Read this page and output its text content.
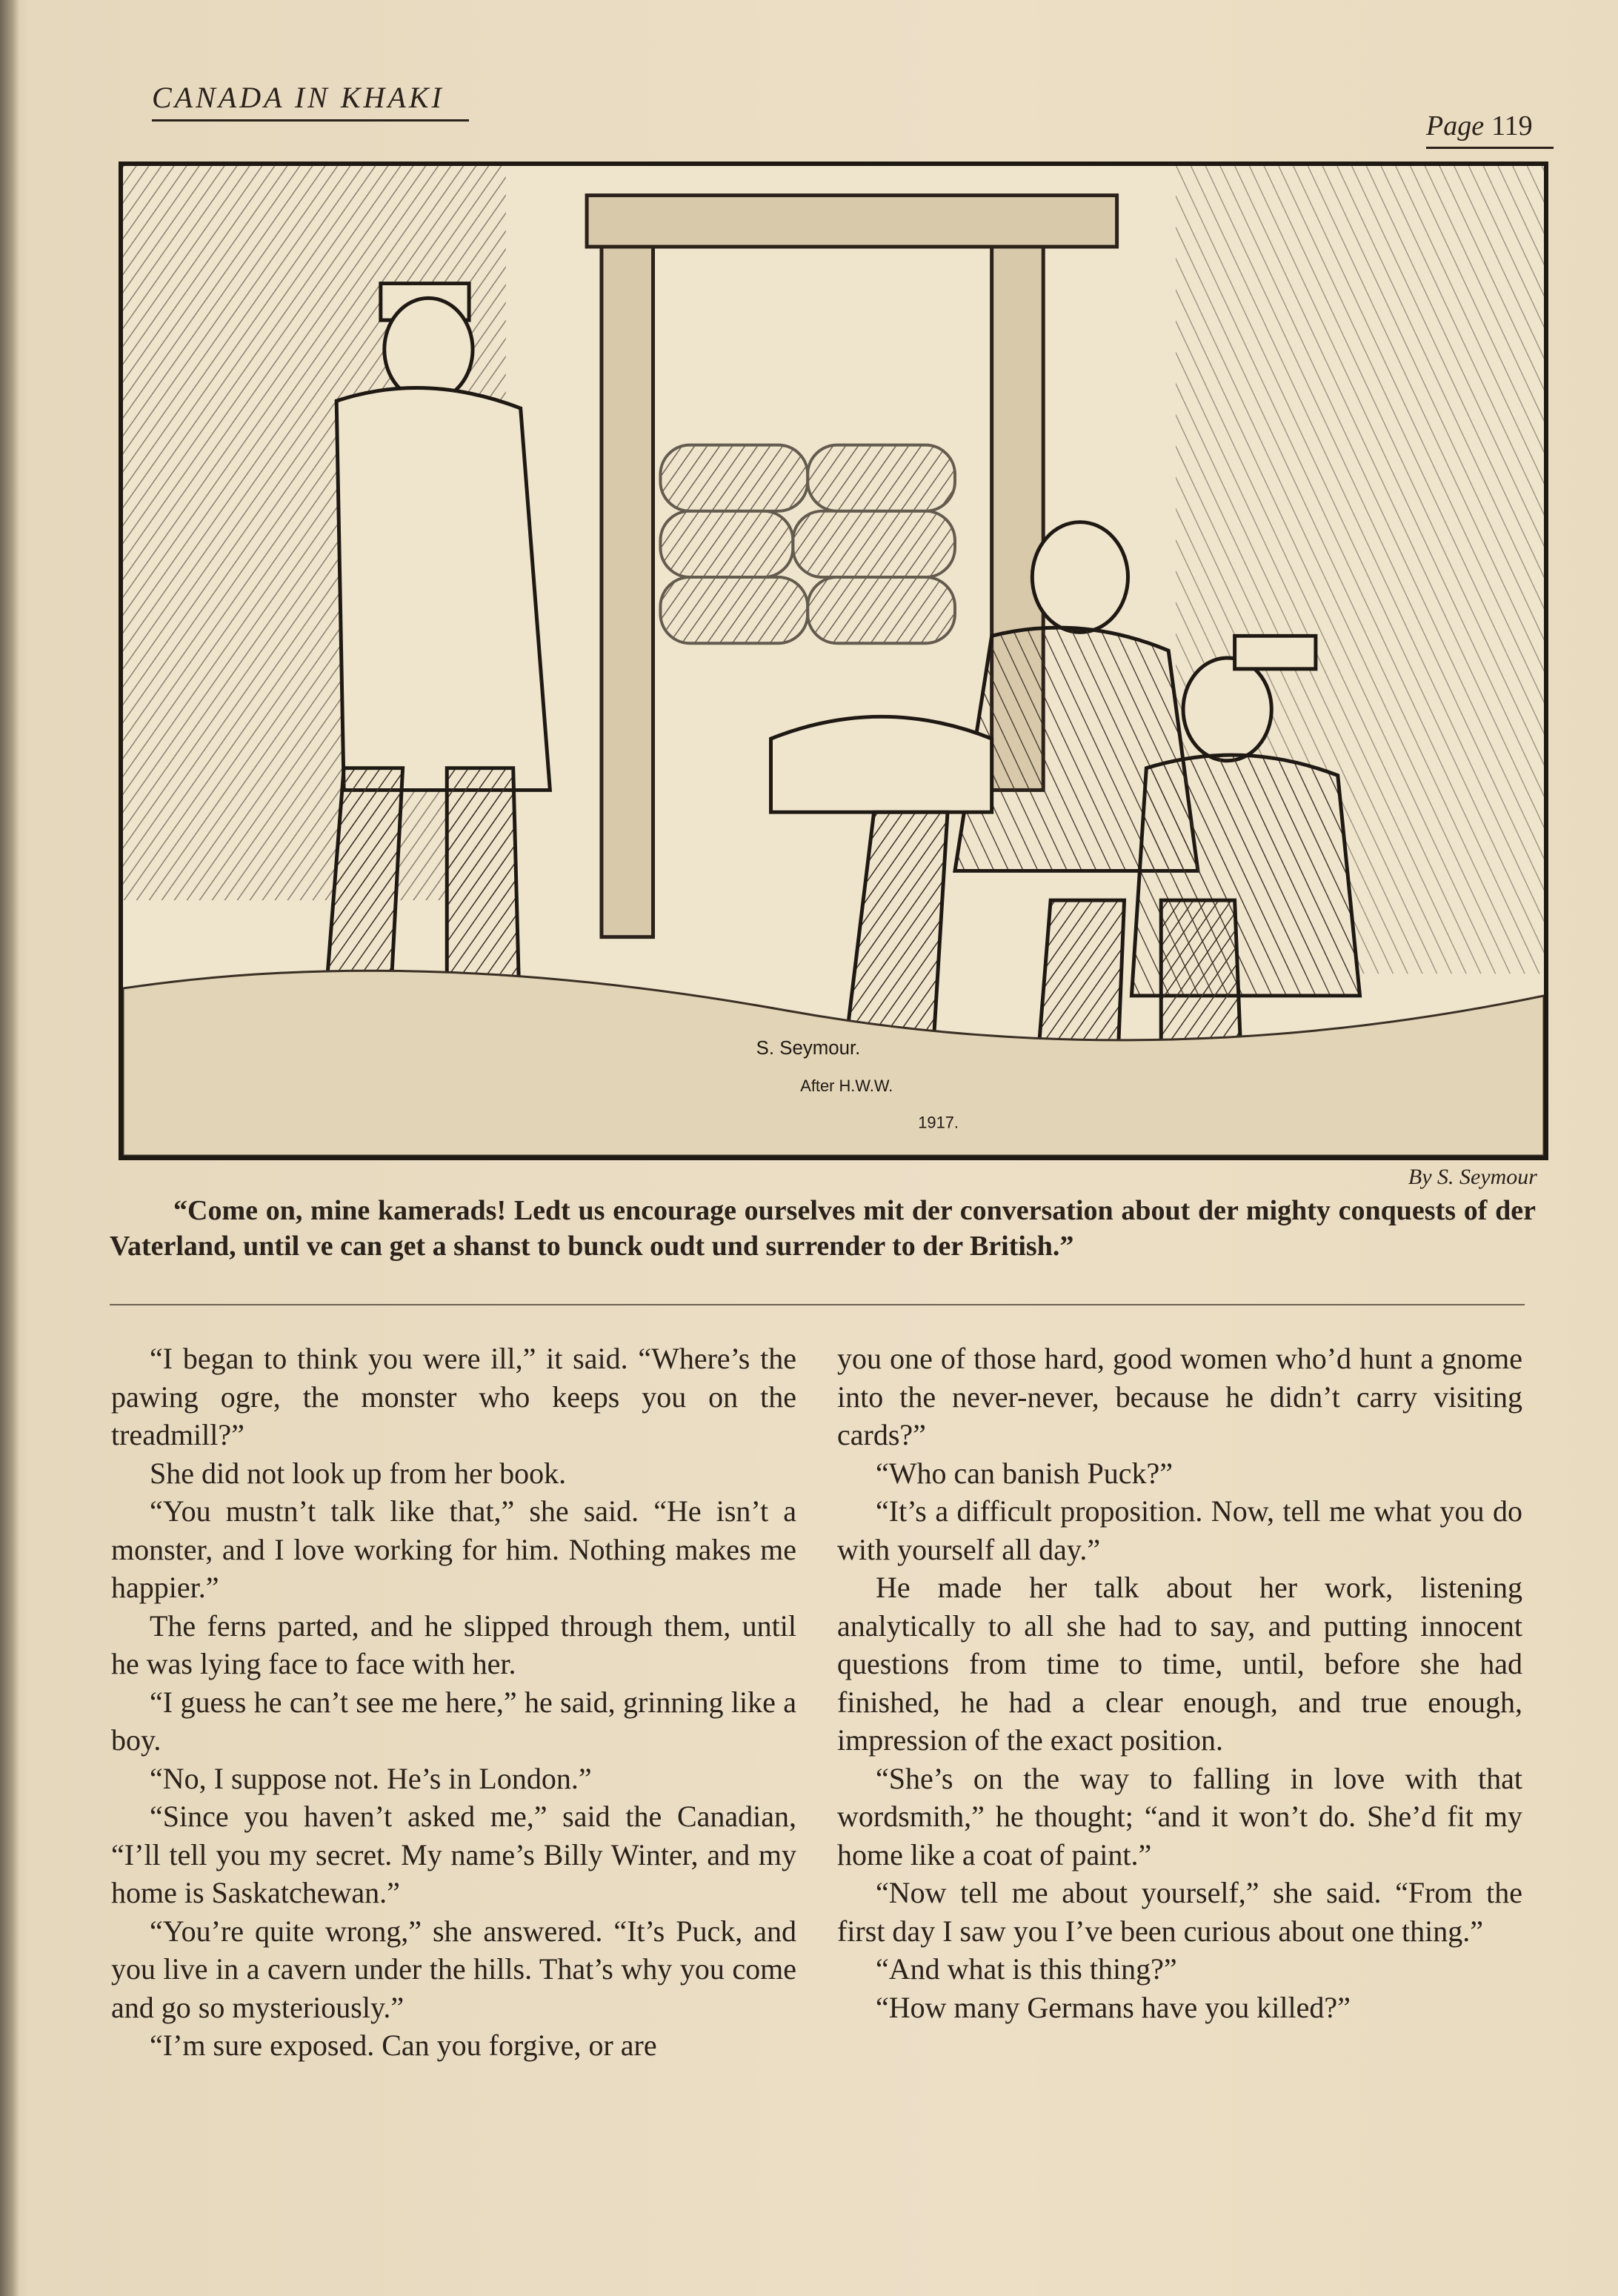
CANADA IN KHAKI
Page 119
S. Seymour.
After H.W.W.
1917.
By S. Seymour
“Come on, mine kamerads! Ledt us encourage ourselves mit der conversation about der mighty conquests of der Vaterland, until ve can get a shanst to bunck oudt und surrender to der British.”

“I began to think you were ill,” it said. “Where’s the pawing ogre, the monster who keeps you on the treadmill?”

She did not look up from her book.

“You mustn’t talk like that,” she said. “He isn’t a monster, and I love working for him. Nothing makes me happier.”

The ferns parted, and he slipped through them, until he was lying face to face with her.

“I guess he can’t see me here,” he said, grinning like a boy.

“No, I suppose not. He’s in London.”

“Since you haven’t asked me,” said the Canadian, “I’ll tell you my secret. My name’s Billy Winter, and my home is Saskatchewan.”

“You’re quite wrong,” she answered. “It’s Puck, and you live in a cavern under the hills. That’s why you come and go so mysteriously.”

“I’m sure exposed. Can you forgive, or are

you one of those hard, good women who’d hunt a gnome into the never-never, because he didn’t carry visiting cards?”

“Who can banish Puck?”

“It’s a difficult proposition. Now, tell me what you do with yourself all day.”

He made her talk about her work, listening analytically to all she had to say, and putting innocent questions from time to time, until, before she had finished, he had a clear enough, and true enough, impression of the exact position.

“She’s on the way to falling in love with that wordsmith,” he thought; “and it won’t do. She’d fit my home like a coat of paint.”

“Now tell me about yourself,” she said. “From the first day I saw you I’ve been curious about one thing.”

“And what is this thing?”

“How many Germans have you killed?”
